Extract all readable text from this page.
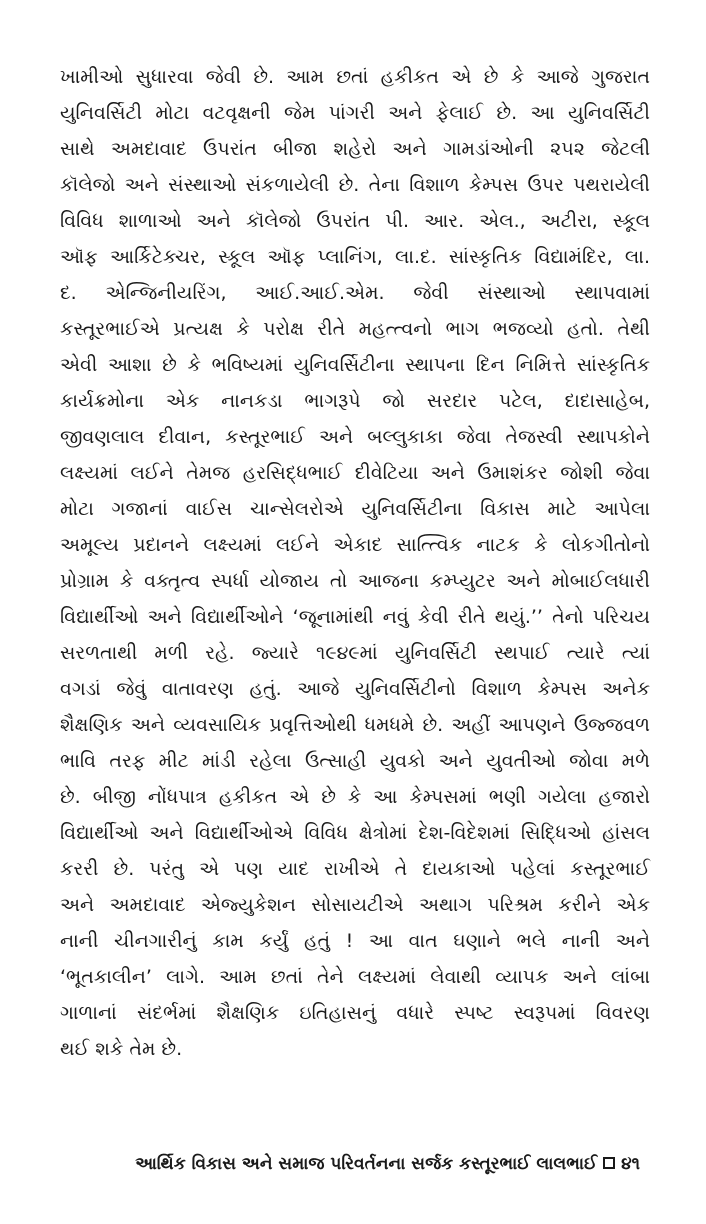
ખામીઓ સુધારવા જેવી છે. આમ છતાં હકીકત એ છે કે આજે ગુજરાત
યુનિવર્સિટી મોટા વટવૃક્ષની જેમ પાંગરી અને ફેલાઈ છે. આ યુનિવર્સિટી
સાથે અમદાવાદ ઉપરાંત બીજા શહેરો અને ગામડાંઓની ૨૫૨ જેટલી
કૉલેજો અને સંસ્થાઓ સંકળાયેલી છે. તેના વિશાળ કેમ્પસ ઉપર પથરાયેલી
વિવિધ શાળાઓ અને કૉલેજો ઉપરાંત પી. આર. એલ., અટીરા, સ્કૂલ
ઑફ આર્કિટેક્ચર, સ્કૂલ ઑફ પ્લાનિંગ, લા.દ. સાંસ્કૃતિક વિદ્યામંદિર, લા.
દ. એન્જિનીયરિંગ, આઈ.આઈ.એમ. જેવી સંસ્થાઓ સ્થાપવામાં
કસ્તૂરભાઈએ પ્રત્યક્ષ કે પરોક્ષ રીતે મહત્ત્વનો ભાગ ભજવ્યો હતો. તેથી
એવી આશા છે કે ભવિષ્યમાં યુનિવર્સિટીના સ્થાપના દિન નિમિત્તે સાંસ્કૃતિક
કાર્યક્રમોના એક નાનકડા ભાગરૂપે જો સરદાર પટેલ, દાદાસાહેબ,
જીવણલાલ દીવાન, કસ્તૂરભાઈ અને બલ્લુકાકા જેવા તેજસ્વી સ્થાપકોને
લક્ષ્યમાં લઈને તેમજ હરસિદ્ધભાઈ દીવેટિયા અને ઉમાશંકર જોશી જેવા
મોટા ગજાનાં વાઈસ ચાન્સેલરોએ યુનિવર્સિટીના વિકાસ માટે આપેલા
અમૂલ્ય પ્રદાનને લક્ષ્યમાં લઈને એકાદ સાત્ત્વિક નાટક કે લોકગીતોનો
પ્રોગ્રામ કે વક્તૃત્વ સ્પર્ધા યોજાય તો આજના કમ્પ્યુટર અને મોબાઈલધારી
વિદ્યાર્થીઓ અને વિદ્યાર્થીઓને ‘જૂનામાંથી નવું કેવી રીતે થયું.’’ તેનો પરિચય
સરળતાથી મળી રહે. જ્યારે ૧૯૪૯માં યુનિવર્સિટી સ્થપાઈ ત્યારે ત્યાં
વગડાં જેવું વાતાવરણ હતું. આજે યુનિવર્સિટીનો વિશાળ કેમ્પસ અનેક
શૈક્ષણિક અને વ્યવસાયિક પ્રવૃત્તિઓથી ધમધમે છે. અહીં આપણને ઉજ્જવળ
ભાવિ તરફ મીટ માંડી રહેલા ઉત્સાહી યુવકો અને યુવતીઓ જોવા મળે
છે. બીજી નોંધપાત્ર હકીકત એ છે કે આ કેમ્પસમાં ભણી ગયેલા હજારો
વિદ્યાર્થીઓ અને વિદ્યાર્થીઓએ વિવિધ ક્ષેત્રોમાં દેશ-વિદેશમાં સિદ્ધિઓ હાંસલ
કરરી છે. પરંતુ એ પણ યાદ રાખીએ તે દાયકાઓ પહેલાં કસ્તૂરભાઈ
અને અમદાવાદ એજ્યુકેશન સોસાયટીએ અથાગ પરિશ્રમ કરીને એક
નાની ચીનગારીનું કામ કર્યું હતું ! આ વાત ઘણાને ભલે નાની અને
‘ભૂતકાલીન’ લાગે. આમ છતાં તેને લક્ષ્યમાં લેવાથી વ્યાપક અને લાંબા
ગાળાનાં સંદર્ભમાં શૈક્ષણિક ઇતિહાસનું વધારે સ્પષ્ટ સ્વરૂપમાં વિવરણ
થઈ શકે તેમ છે.
આર્થિક વિકાસ અને સમાજ પરિવર્તનના સર્જક કસ્તૂરભાઈ લાલભાઈ ૪૧
